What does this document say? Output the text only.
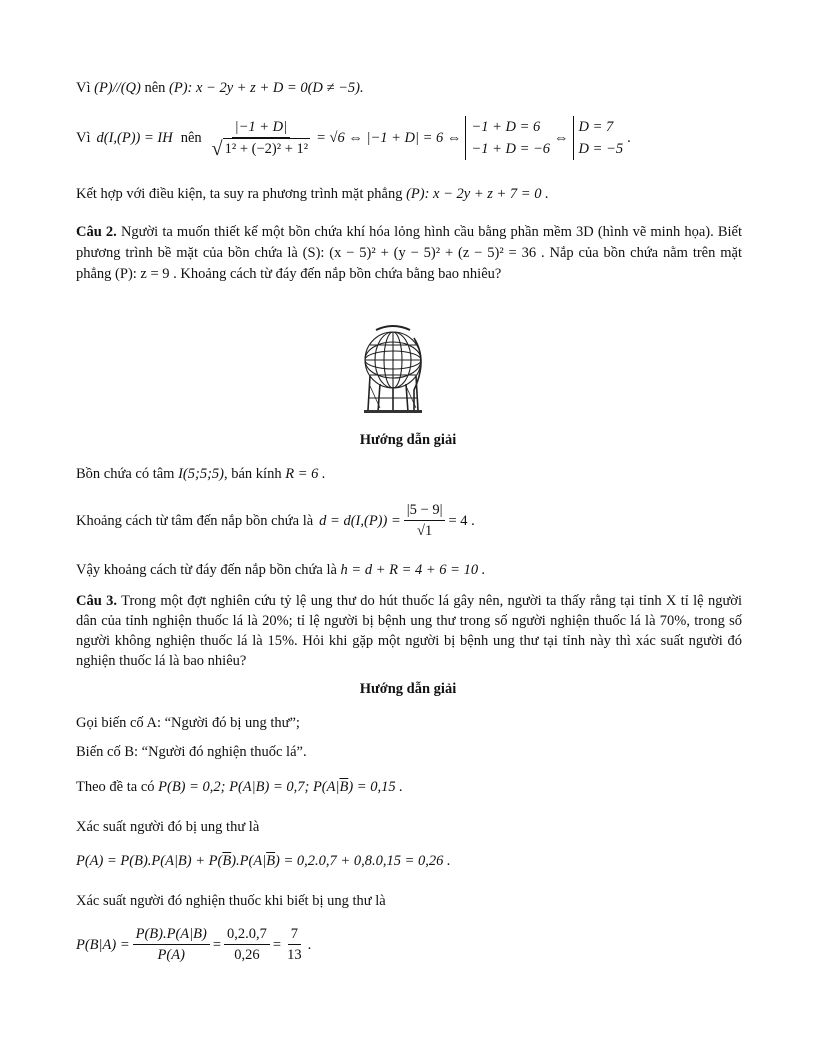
Vì (P)//(Q) nên (P): x − 2y + z + D = 0(D ≠ −5).
Vì d(I,(P)) = IH nên $\frac{|-1 + D|}{\text{√ 1² + (−2)² + 1²}} = √6$ ⇔ |−1 + D| = 6 ⇔
−1 + D = 6
−1 + D = −6
⇔
D = 7
D = −5
.
Kết hợp với điều kiện, ta suy ra phương trình mặt phẳng (P): x − 2y + z + 7 = 0 .
Câu 2. Người ta muốn thiết kế một bồn chứa khí hóa lỏng hình cầu bằng phần mềm 3D (hình vẽ minh họa). Biết phương trình bề mặt của bồn chứa là (S): (x − 5)² + (y − 5)² + (z − 5)² = 36 . Nắp của bồn chứa nằm trên mặt phẳng (P): z = 9 . Khoảng cách từ đáy đến nắp bồn chứa bằng bao nhiêu?
Hướng dẫn giải
Bồn chứa có tâm I(5;5;5), bán kính R = 6 .
Khoảng cách từ tâm đến nắp bồn chứa là $d = d(I,(P)) = \frac{|5 - 9|}{√1} = 4$ .
Vậy khoảng cách từ đáy đến nắp bồn chứa là h = d + R = 4 + 6 = 10 .
Câu 3. Trong một đợt nghiên cứu tỷ lệ ung thư do hút thuốc lá gây nên, người ta thấy rằng tại tỉnh X tỉ lệ người dân của tỉnh nghiện thuốc lá là 20%; tỉ lệ người bị bệnh ung thư trong số người nghiện thuốc lá là 70%, trong số người không nghiện thuốc lá là 15%. Hỏi khi gặp một người bị bệnh ung thư tại tỉnh này thì xác suất người đó nghiện thuốc lá là bao nhiêu?
Hướng dẫn giải
Gọi biến cố A: “Người đó bị ung thư”;
Biến cố B: “Người đó nghiện thuốc lá”.
Theo đề ta có P(B) = 0,2; P(A|B) = 0,7; $P(A|\overline{B}) = 0,15$ .
Xác suất người đó bị ung thư là
$P(A) = P(B).P(A|B) + P(\overline{B}).P(A|\overline{B}) = 0,2.0,7 + 0,8.0,15 = 0,26$ .
Xác suất người đó nghiện thuốc khi biết bị ung thư là
$P(B|A) = \frac{P(B).P(A|B)}{P(A)} = \frac{0,2.0,7}{0,26} = \frac{7}{13}$ .
